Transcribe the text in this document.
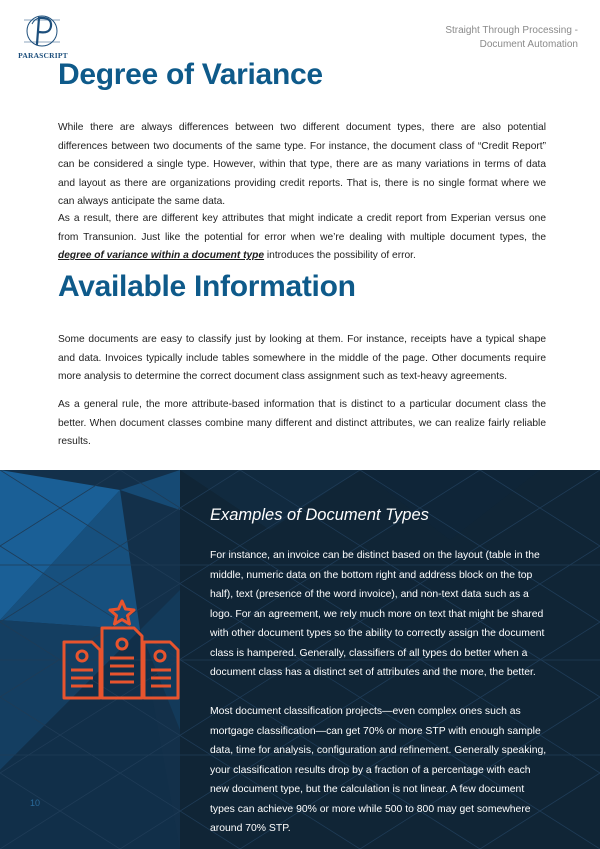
PARASCRIPT
Straight Through Processing -
Document Automation
Degree of Variance

While there are always differences between two different document types, there are also potential differences between two documents of the same type. For instance, the document class of “Credit Report” can be considered a single type. However, within that type, there are as many variations in terms of data and layout as there are organizations providing credit reports. That is, there is no single format where we can always anticipate the same data.

As a result, there are different key attributes that might indicate a credit report from Experian versus one from Transunion. Just like the potential for error when we’re dealing with multiple document types, the degree of variance within a document type introduces the possibility of error.

Available Information

Some documents are easy to classify just by looking at them. For instance, receipts have a typical shape and data. Invoices typically include tables somewhere in the middle of the page. Other documents require more analysis to determine the correct document class assignment such as text-heavy agreements.

As a general rule, the more attribute-based information that is distinct to a particular document class the better. When document classes combine many different and distinct attributes, we can realize fairly reliable results.

Examples of Document Types

For instance, an invoice can be distinct based on the layout (table in the middle, numeric data on the bottom right and address block on the top half), text (presence of the word invoice), and non-text data such as a logo. For an agreement, we rely much more on text that might be shared with other document types so the ability to correctly assign the document class is hampered. Generally, classifiers of all types do better when a document class has a distinct set of attributes and the more, the better.

Most document classification projects—even complex ones such as mortgage classification—can get 70% or more STP with enough sample data, time for analysis, configuration and refinement. Generally speaking, your classification results drop by a fraction of a percentage with each new document type, but the calculation is not linear. A few document types can achieve 90% or more while 500 to 800 may get somewhere around 70% STP.

10
